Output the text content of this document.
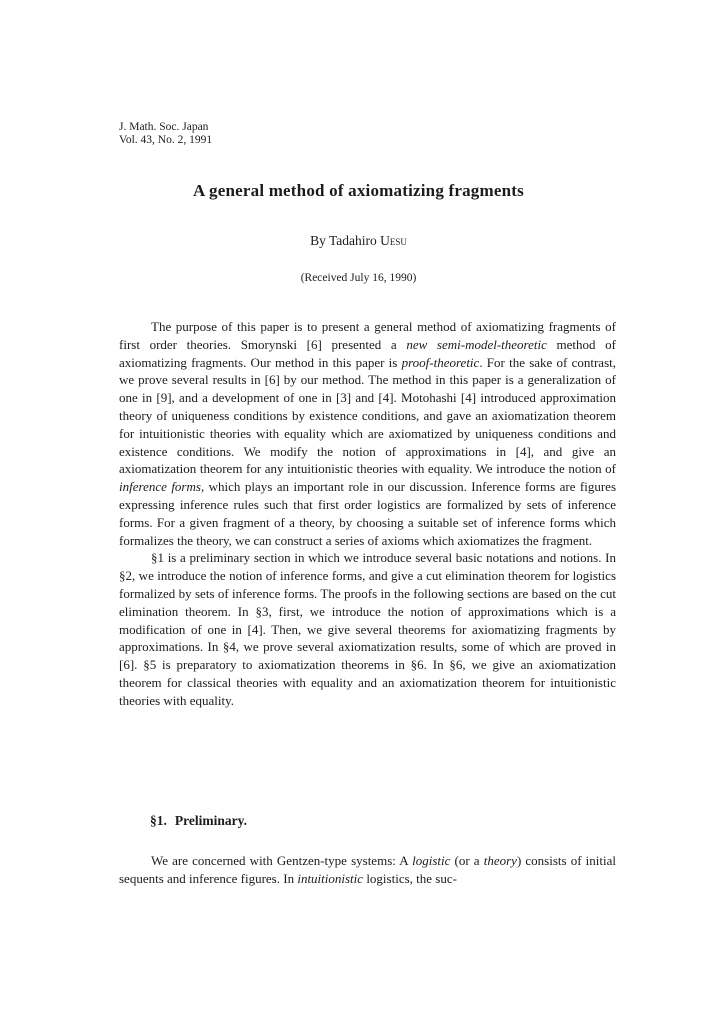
J. Math. Soc. Japan
Vol. 43, No. 2, 1991
A general method of axiomatizing fragments
By Tadahiro Uesu
(Received July 16, 1990)

The purpose of this paper is to present a general method of axiomatizing fragments of first order theories. Smorynski [6] presented a new semi-model-theoretic method of axiomatizing fragments. Our method in this paper is proof-theoretic. For the sake of contrast, we prove several results in [6] by our method. The method in this paper is a generalization of one in [9], and a development of one in [3] and [4]. Motohashi [4] introduced approximation theory of uniqueness conditions by existence conditions, and gave an axiomatization theorem for intuitionistic theories with equality which are axiomatized by uniqueness conditions and existence conditions. We modify the notion of approximations in [4], and give an axiomatization theorem for any intuitionistic theories with equality. We introduce the notion of inference forms, which plays an important role in our discussion. Inference forms are figures expressing inference rules such that first order logistics are formalized by sets of inference forms. For a given fragment of a theory, by choosing a suitable set of inference forms which formalizes the theory, we can construct a series of axioms which axiomatizes the fragment.

§1 is a preliminary section in which we introduce several basic notations and notions. In §2, we introduce the notion of inference forms, and give a cut elimination theorem for logistics formalized by sets of inference forms. The proofs in the following sections are based on the cut elimination theorem. In §3, first, we introduce the notion of approximations which is a modification of one in [4]. Then, we give several theorems for axiomatizing fragments by approximations. In §4, we prove several axiomatization results, some of which are proved in [6]. §5 is preparatory to axiomatization theorems in §6. In §6, we give an axiomatization theorem for classical theories with equality and an axiomatization theorem for intuitionistic theories with equality.

§1. Preliminary.

We are concerned with Gentzen-type systems: A logistic (or a theory) consists of initial sequents and inference figures. In intuitionistic logistics, the suc-
